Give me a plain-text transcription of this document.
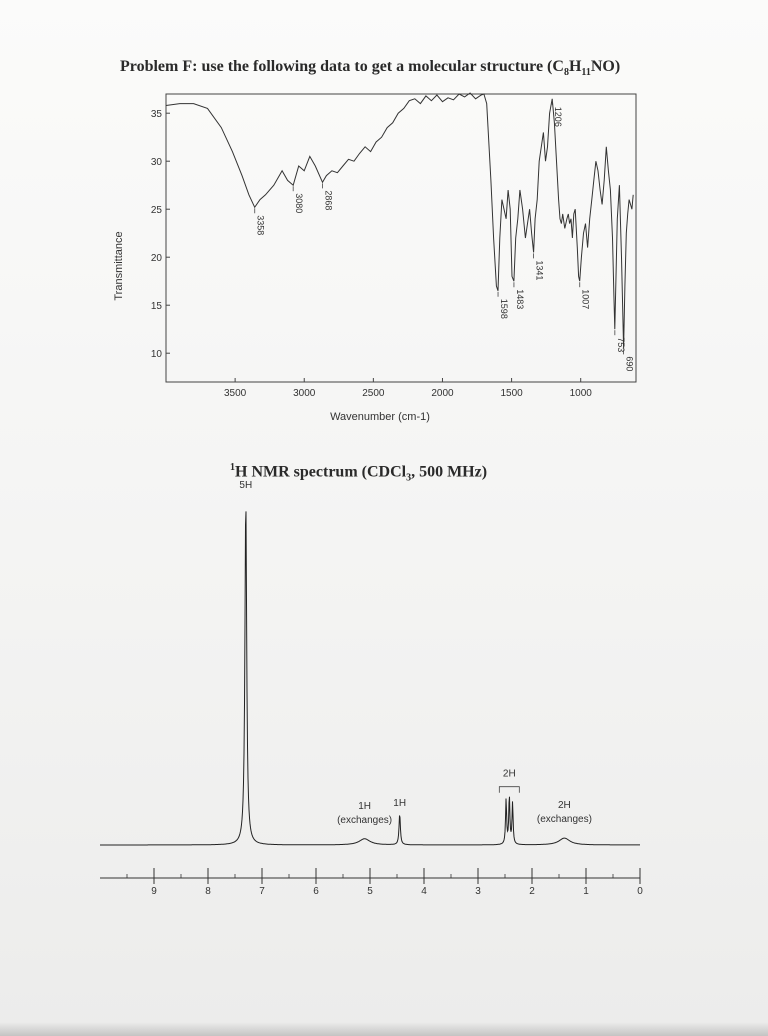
Problem F: use the following data to get a molecular structure $(C_8H_{11}NO)$
10
15
20
25
30
35
3500	3000	2500	2000	1500	1000
3358
3080 2868
1598 1483
1341
1206
1007
753
690
Wavenumber (cm-1)
Transmittance
$^1$H NMR spectrum (CDCl$_3$, 500 MHz)
5H
1H
(exchanges)
1H
2H
2H
(exchanges)
9	8	7	6	5	4	3	2	1	0
